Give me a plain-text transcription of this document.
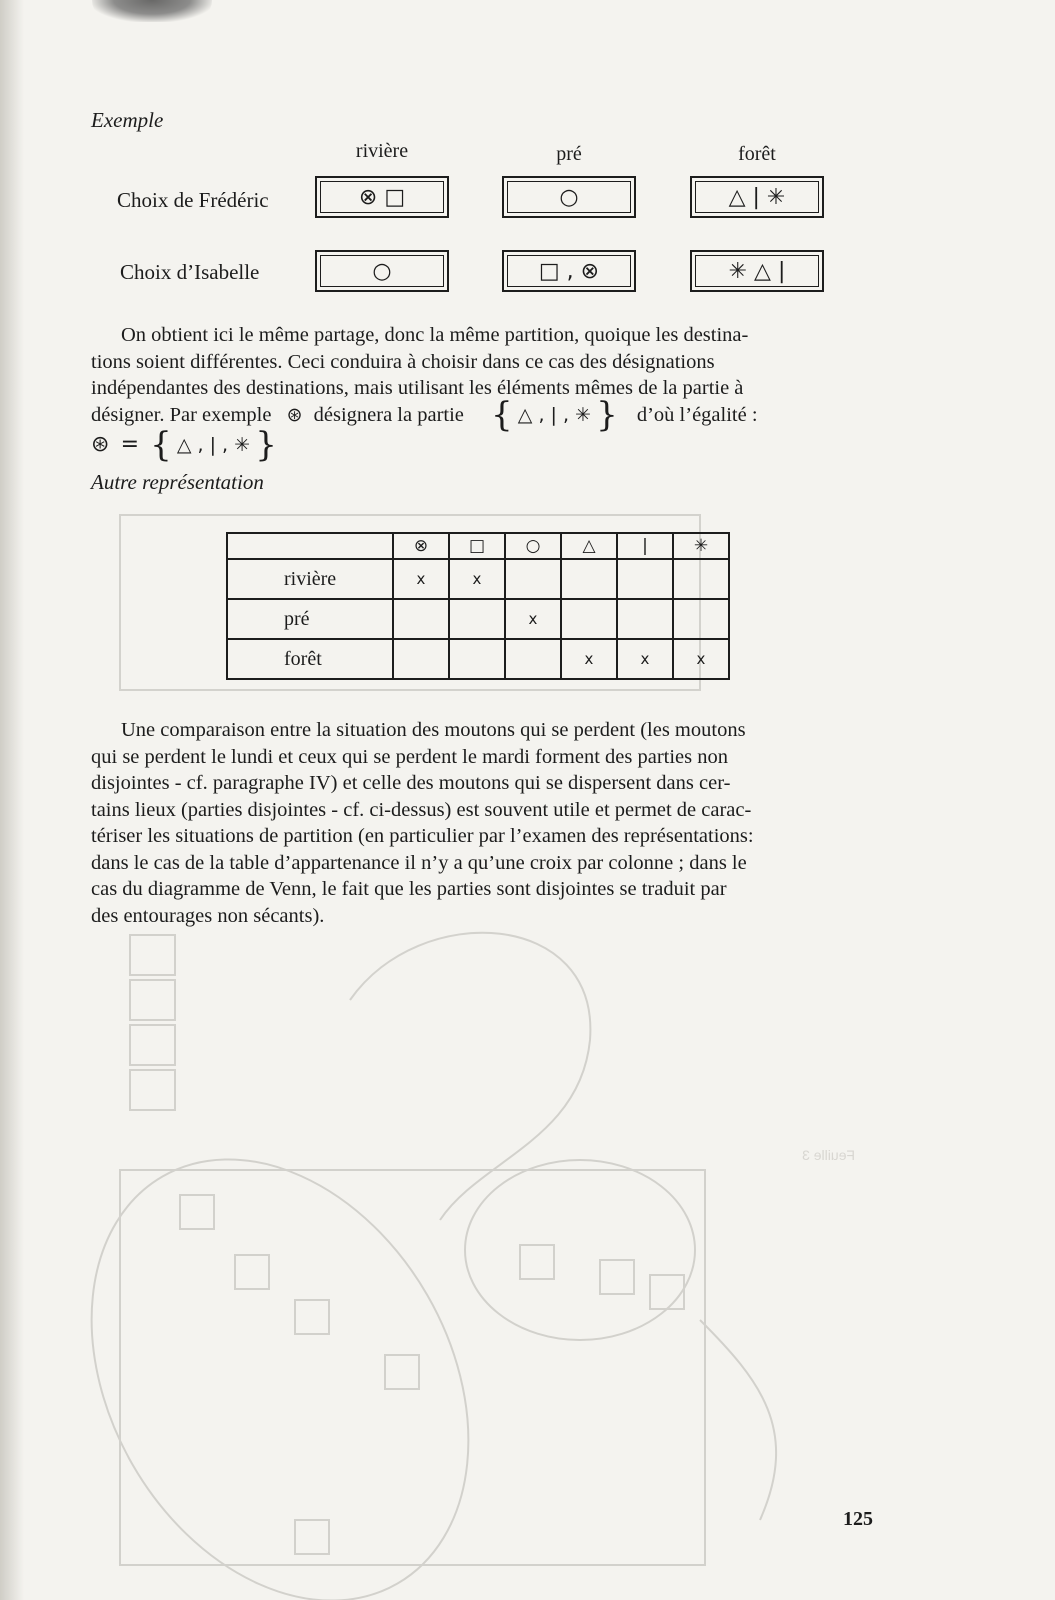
Feuille 3
Exemple
rivière	pré	forêt
Choix de Frédéric	⊗ □	○	△ | ✳
Choix d’Isabelle	○	□ , ⊗	✳ △ |
On obtient ici le même partage, donc la même partition, quoique les destina-
tions soient différentes. Ceci conduira à choisir dans ce cas des désignations
indépendantes des destinations, mais utilisant les éléments mêmes de la partie à
désigner. Par exemple ⊛ désignera la partie { △ , | , ✳ } d’où l’égalité :
⊛ = { △ , | , ✳ }
Autre représentation
	⊗	□	○	△	|	✳
rivière	x	x				
pré			x			
forêt				x	x	x
Une comparaison entre la situation des moutons qui se perdent (les moutons
qui se perdent le lundi et ceux qui se perdent le mardi forment des parties non
disjointes - cf. paragraphe IV) et celle des moutons qui se dispersent dans cer-
tains lieux (parties disjointes - cf. ci-dessus) est souvent utile et permet de carac-
tériser les situations de partition (en particulier par l’examen des représentations:
dans le cas de la table d’appartenance il n’y a qu’une croix par colonne ; dans le
cas du diagramme de Venn, le fait que les parties sont disjointes se traduit par
des entourages non sécants).
125
